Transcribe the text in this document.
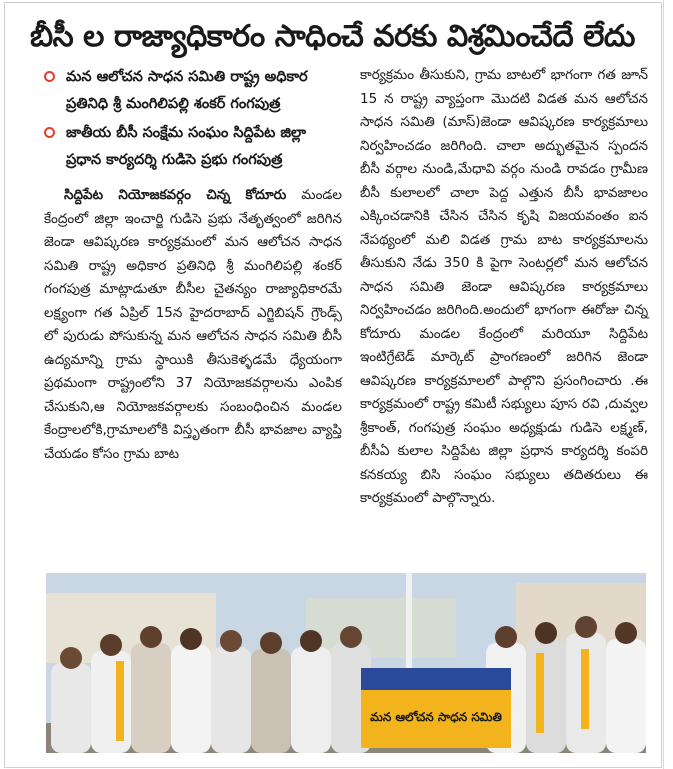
బీసీ ల రాజ్యాధికారం సాధించే వరకు విశ్రమించేదే లేదు
మన ఆలోచన సాధన సమితి రాష్ట్ర అధికార ప్రతినిధి శ్రీ మంగిలిపల్లి శంకర్ గంగపుత్ర
జాతీయ బీసీ సంక్షేమ సంఘం సిద్దిపేట జిల్లా ప్రధాన కార్యదర్శి గుడిసె ప్రభు గంగపుత్ర

సిద్దిపేట నియోజకవర్గం చిన్న కోదూరు మండల కేంద్రంలో జిల్లా ఇంచార్జి గుడిసె ప్రభు నేతృత్వంలో జరిగిన జెండా ఆవిష్కరణ కార్యక్రమంలో మన ఆలోచన సాధన సమితి రాష్ట్ర అధికార ప్రతినిధి శ్రీ మంగిలిపల్లి శంకర్ గంగపుత్ర మాట్లాడుతూ బీసీల చైతన్యం రాజ్యాధికారమే లక్ష్యంగా గత ఏప్రిల్ 15న హైదరాబాద్ ఎగ్జిబిషన్ గ్రౌండ్స్ లో పురుడు పోసుకున్న మన ఆలోచన సాధన సమితి బీసీ ఉద్యమాన్ని గ్రామ స్థాయికి తీసుకెళ్ళడమే ధ్యేయంగా ప్రథమంగా రాష్ట్రంలోని 37 నియోజకవర్గాలను ఎంపిక చేసుకుని,ఆ నియోజకవర్గాలకు సంబంధించిన మండల కేంద్రాలలోకి,గ్రామాలలోకి విస్తృతంగా బీసీ భావజాల వ్యాప్తి చేయడం కోసం గ్రామ బాట

కార్యక్రమం తీసుకుని, గ్రామ బాటలో భాగంగా గత జూన్ 15 న రాష్ట్ర వ్యాప్తంగా మొదటి విడత మన ఆలోచన సాధన సమితి (మాస్)జెండా ఆవిష్కరణ కార్యక్రమాలు నిర్వహించడం జరిగింది. చాలా అద్భుతమైన స్పందన బీసీ వర్గాల నుండి,మేధావి వర్గం నుండి రావడం గ్రామీణ బీసీ కులాలలో చాలా పెద్ద ఎత్తున బీసీ భావజాలం ఎక్కించడానికి చేసిన చేసిన కృషి విజయవంతం ఐన నేపథ్యంలో మలి విడత గ్రామ బాట కార్యక్రమాలను తీసుకుని నేడు 350 కి పైగా సెంటర్లలో మన ఆలోచన సాధన సమితి జెండా ఆవిష్కరణ కార్యక్రమాలు నిర్వహించడం జరిగింది.అందులో భాగంగా ఈరోజు చిన్న కోదూరు మండల కేంద్రంలో మరియూ సిద్దిపేట ఇంటిగ్రేటెడ్ మార్కెట్ ప్రాంగణంలో జరిగిన జెండా ఆవిష్కరణ కార్యక్రమాలలో పాల్గొని ప్రసంగించారు .ఈ కార్యక్రమంలో రాష్ట్ర కమిటీ సభ్యులు పూస రవి ,దువ్వల శ్రీకాంత్, గంగపుత్ర సంఘం అధ్యక్షుడు గుడిసె లక్ష్మణ్, బీసీఏ కులాల సిద్దిపేట జిల్లా ప్రధాన కార్యదర్శి కంపరి కనకయ్య బిసి సంఘం సభ్యులు తదితరులు ఈ కార్యక్రమంలో పాల్గొన్నారు.

మన ఆలోచన సాధన సమితి
